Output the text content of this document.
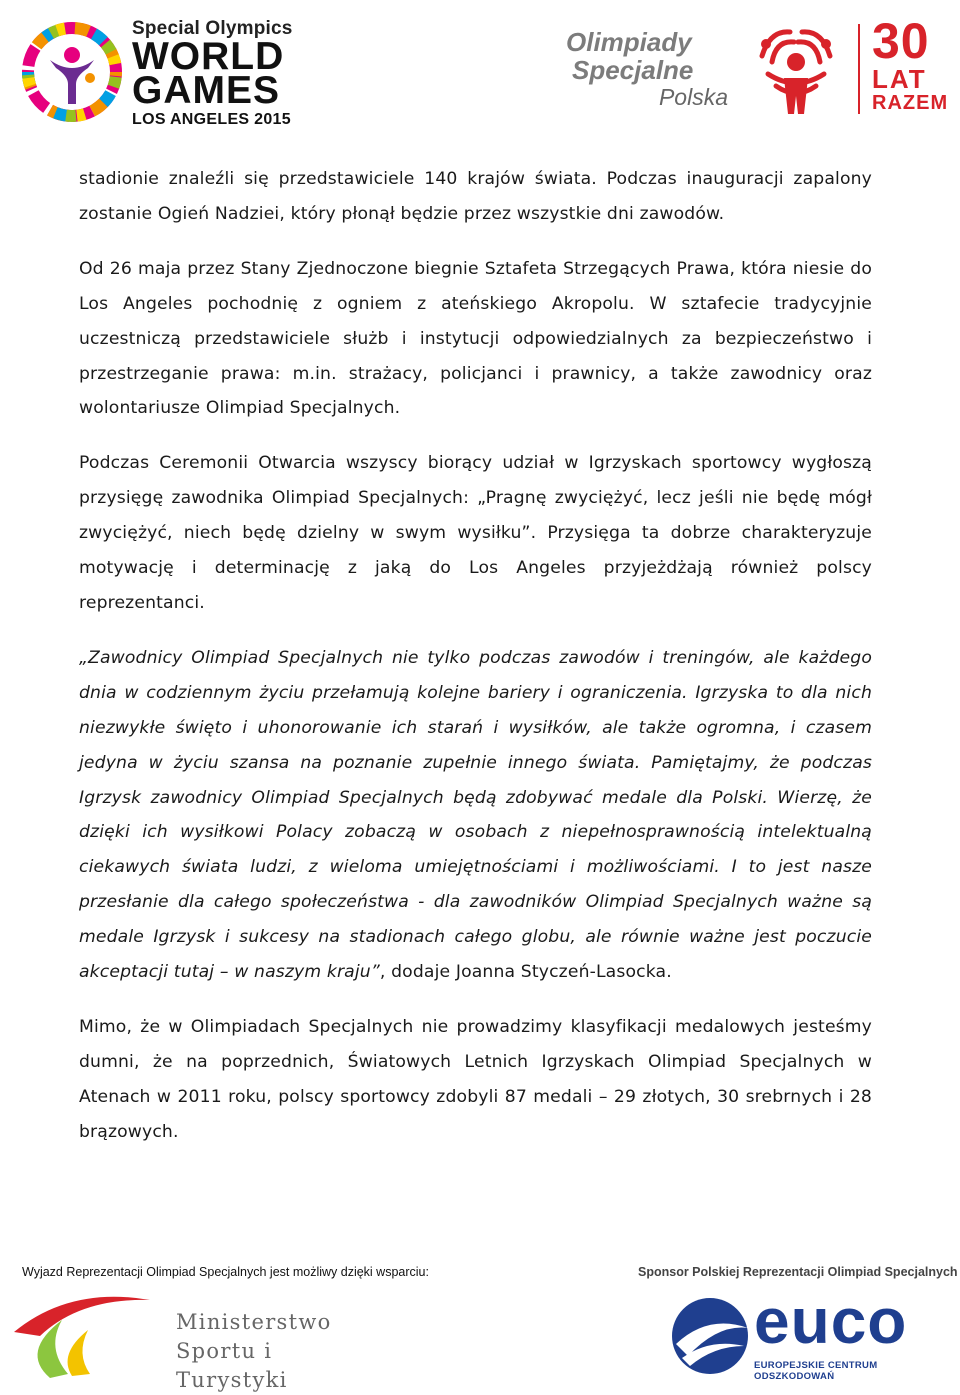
Special Olympics
WORLD
GAMES
LOS ANGELES 2015
Olimpiady
Specjalne
Polska
30
LAT
RAZEM

stadionie znaleźli się przedstawiciele 140 krajów świata. Podczas inauguracji zapalony zostanie Ogień Nadziei, który płonął będzie przez wszystkie dni zawodów.

Od 26 maja przez Stany Zjednoczone biegnie Sztafeta Strzegących Prawa, która niesie do Los Angeles pochodnię z ogniem z ateńskiego Akropolu. W sztafecie tradycyjnie uczestniczą przedstawiciele służb i instytucji odpowiedzialnych za bezpieczeństwo i przestrzeganie prawa: m.in. strażacy, policjanci i prawnicy, a także zawodnicy oraz wolontariusze Olimpiad Specjalnych.

Podczas Ceremonii Otwarcia wszyscy biorący udział w Igrzyskach sportowcy wygłoszą przysięgę zawodnika Olimpiad Specjalnych: „Pragnę zwyciężyć, lecz jeśli nie będę mógł zwyciężyć, niech będę dzielny w swym wysiłku”. Przysięga ta dobrze charakteryzuje motywację i determinację z jaką do Los Angeles przyjeżdżają również polscy reprezentanci.

„Zawodnicy Olimpiad Specjalnych nie tylko podczas zawodów i treningów, ale każdego dnia w codziennym życiu przełamują kolejne bariery i ograniczenia. Igrzyska to dla nich niezwykłe święto i uhonorowanie ich starań i wysiłków, ale także ogromna, i czasem jedyna w życiu szansa na poznanie zupełnie innego świata. Pamiętajmy, że podczas Igrzysk zawodnicy Olimpiad Specjalnych będą zdobywać medale dla Polski. Wierzę, że dzięki ich wysiłkowi Polacy zobaczą w osobach z niepełnosprawnością intelektualną ciekawych świata ludzi, z wieloma umiejętnościami i możliwościami. I to jest nasze przesłanie dla całego społeczeństwa - dla zawodników Olimpiad Specjalnych ważne są medale Igrzysk i sukcesy na stadionach całego globu, ale równie ważne jest poczucie akceptacji tutaj – w naszym kraju”, dodaje Joanna Styczeń-Lasocka.

Mimo, że w Olimpiadach Specjalnych nie prowadzimy klasyfikacji medalowych jesteśmy dumni, że na poprzednich, Światowych Letnich Igrzyskach Olimpiad Specjalnych w Atenach w 2011 roku, polscy sportowcy zdobyli 87 medali – 29 złotych, 30 srebrnych i 28 brązowych.

Wyjazd Reprezentacji Olimpiad Specjalnych jest możliwy dzięki wsparciu:	Sponsor Polskiej Reprezentacji Olimpiad Specjalnych
Ministerstwo
Sportu i Turystyki
euco
EUROPEJSKIE CENTRUM ODSZKODOWAŃ
